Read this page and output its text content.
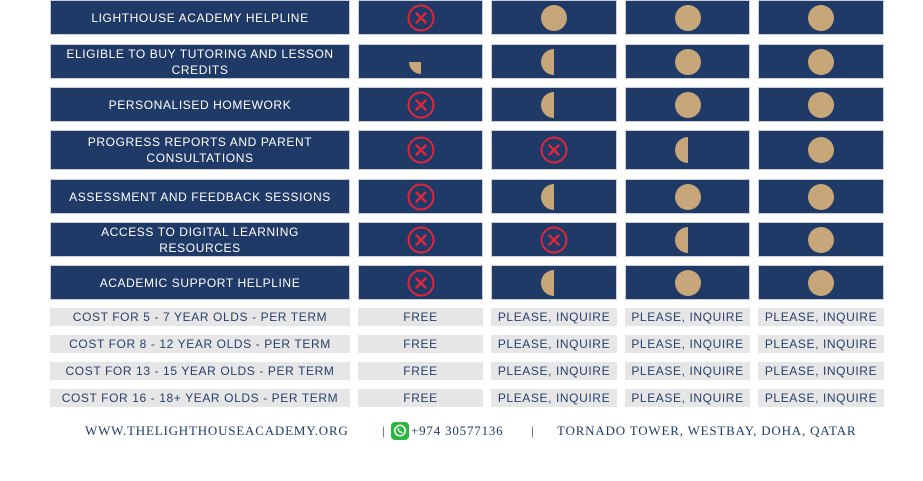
LIGHTHOUSE ACADEMY HELPLINE
ELIGIBLE TO BUY TUTORING AND LESSON CREDITS
PERSONALISED HOMEWORK
PROGRESS REPORTS AND PARENT CONSULTATIONS
ASSESSMENT AND FEEDBACK SESSIONS
ACCESS TO DIGITAL LEARNING RESOURCES
ACADEMIC SUPPORT HELPLINE
COST FOR 5 - 7 YEAR OLDS - PER TERM	FREE	PLEASE, INQUIRE	PLEASE, INQUIRE	PLEASE, INQUIRE
COST FOR 8 - 12 YEAR OLDS - PER TERM	FREE	PLEASE, INQUIRE	PLEASE, INQUIRE	PLEASE, INQUIRE
COST FOR 13 - 15 YEAR OLDS - PER TERM	FREE	PLEASE, INQUIRE	PLEASE, INQUIRE	PLEASE, INQUIRE
COST FOR 16 - 18+ YEAR OLDS - PER TERM	FREE	PLEASE, INQUIRE	PLEASE, INQUIRE	PLEASE, INQUIRE
WWW.THELIGHTHOUSEACADEMY.ORG	| +974 30577136 | TORNADO TOWER, WESTBAY, DOHA, QATAR
